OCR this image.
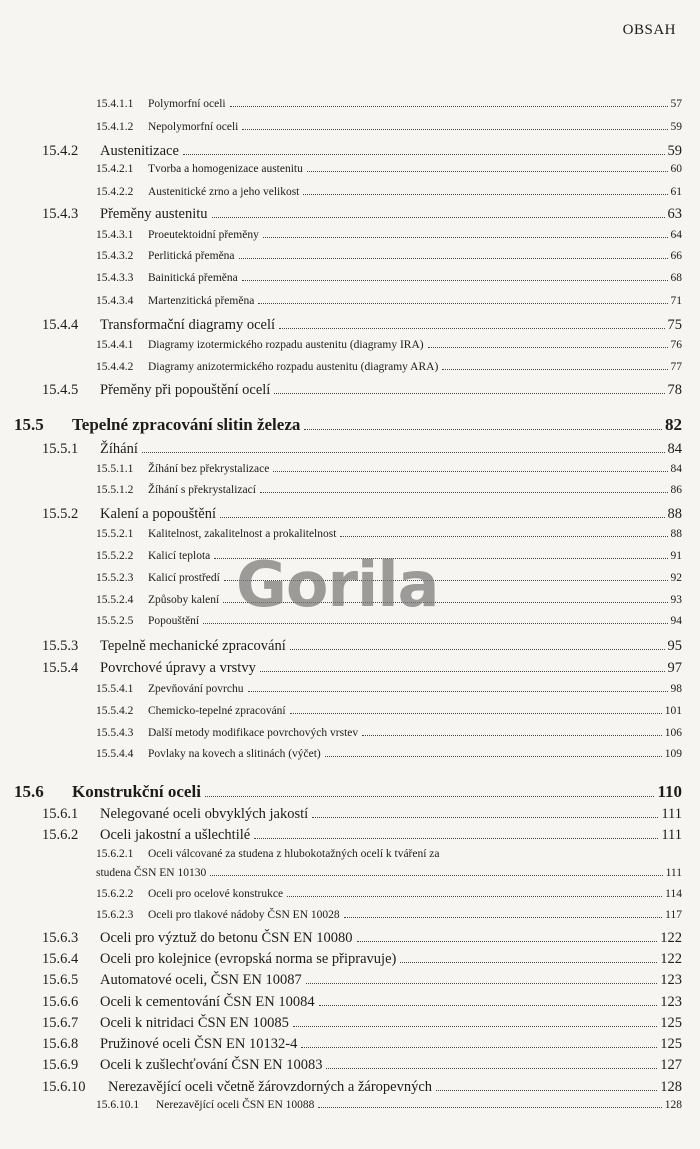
OBSAH
15.4.1.1	Polymorfní oceli	57
15.4.1.2	Nepolymorfní oceli	59
15.4.2	Austenitizace	59
15.4.2.1	Tvorba a homogenizace austenitu	60
15.4.2.2	Austenitické zrno a jeho velikost	61
15.4.3	Přeměny austenitu	63
15.4.3.1	Proeutektoidní přeměny	64
15.4.3.2	Perlitická přeměna	66
15.4.3.3	Bainitická přeměna	68
15.4.3.4	Martenzitická přeměna	71
15.4.4	Transformační diagramy ocelí	75
15.4.4.1	Diagramy izotermického rozpadu austenitu (diagramy IRA)	76
15.4.4.2	Diagramy anizotermického rozpadu austenitu (diagramy ARA)	77
15.4.5	Přeměny při popouštění ocelí	78
15.5	Tepelné zpracování slitin železa	82
15.5.1	Žíhání	84
15.5.1.1	Žíhání bez překrystalizace	84
15.5.1.2	Žíhání s překrystalizací	86
15.5.2	Kalení a popouštění	88
15.5.2.1	Kalitelnost, zakalitelnost a prokalitelnost	88
15.5.2.2	Kalicí teplota	91
15.5.2.3	Kalicí prostředí	92
15.5.2.4	Způsoby kalení	93
15.5.2.5	Popouštění	94
15.5.3	Tepelně mechanické zpracování	95
15.5.4	Povrchové úpravy a vrstvy	97
15.5.4.1	Zpevňování povrchu	98
15.5.4.2	Chemicko-tepelné zpracování	101
15.5.4.3	Další metody modifikace povrchových vrstev	106
15.5.4.4	Povlaky na kovech a slitinách (výčet)	109
15.6	Konstrukční oceli	110
15.6.1	Nelegované oceli obvyklých jakostí	111
15.6.2	Oceli jakostní a ušlechtilé	111
15.6.2.1	Oceli válcované za studena z hlubokotažných ocelí k tváření za
studena ČSN EN 10130	111
15.6.2.2	Oceli pro ocelové konstrukce	114
15.6.2.3	Oceli pro tlakové nádoby ČSN EN 10028	117
15.6.3	Oceli pro výztuž do betonu ČSN EN 10080	122
15.6.4	Oceli pro kolejnice (evropská norma se připravuje)	122
15.6.5	Automatové oceli, ČSN EN 10087	123
15.6.6	Oceli k cementování ČSN EN 10084	123
15.6.7	Oceli k nitridaci ČSN EN 10085	125
15.6.8	Pružinové oceli ČSN EN 10132-4	125
15.6.9	Oceli k zušlechťování ČSN EN 10083	127
15.6.10	Nerezavějící oceli včetně žárovzdorných a žáropevných	128
15.6.10.1	Nerezavějící oceli ČSN EN 10088	128
Gorila
